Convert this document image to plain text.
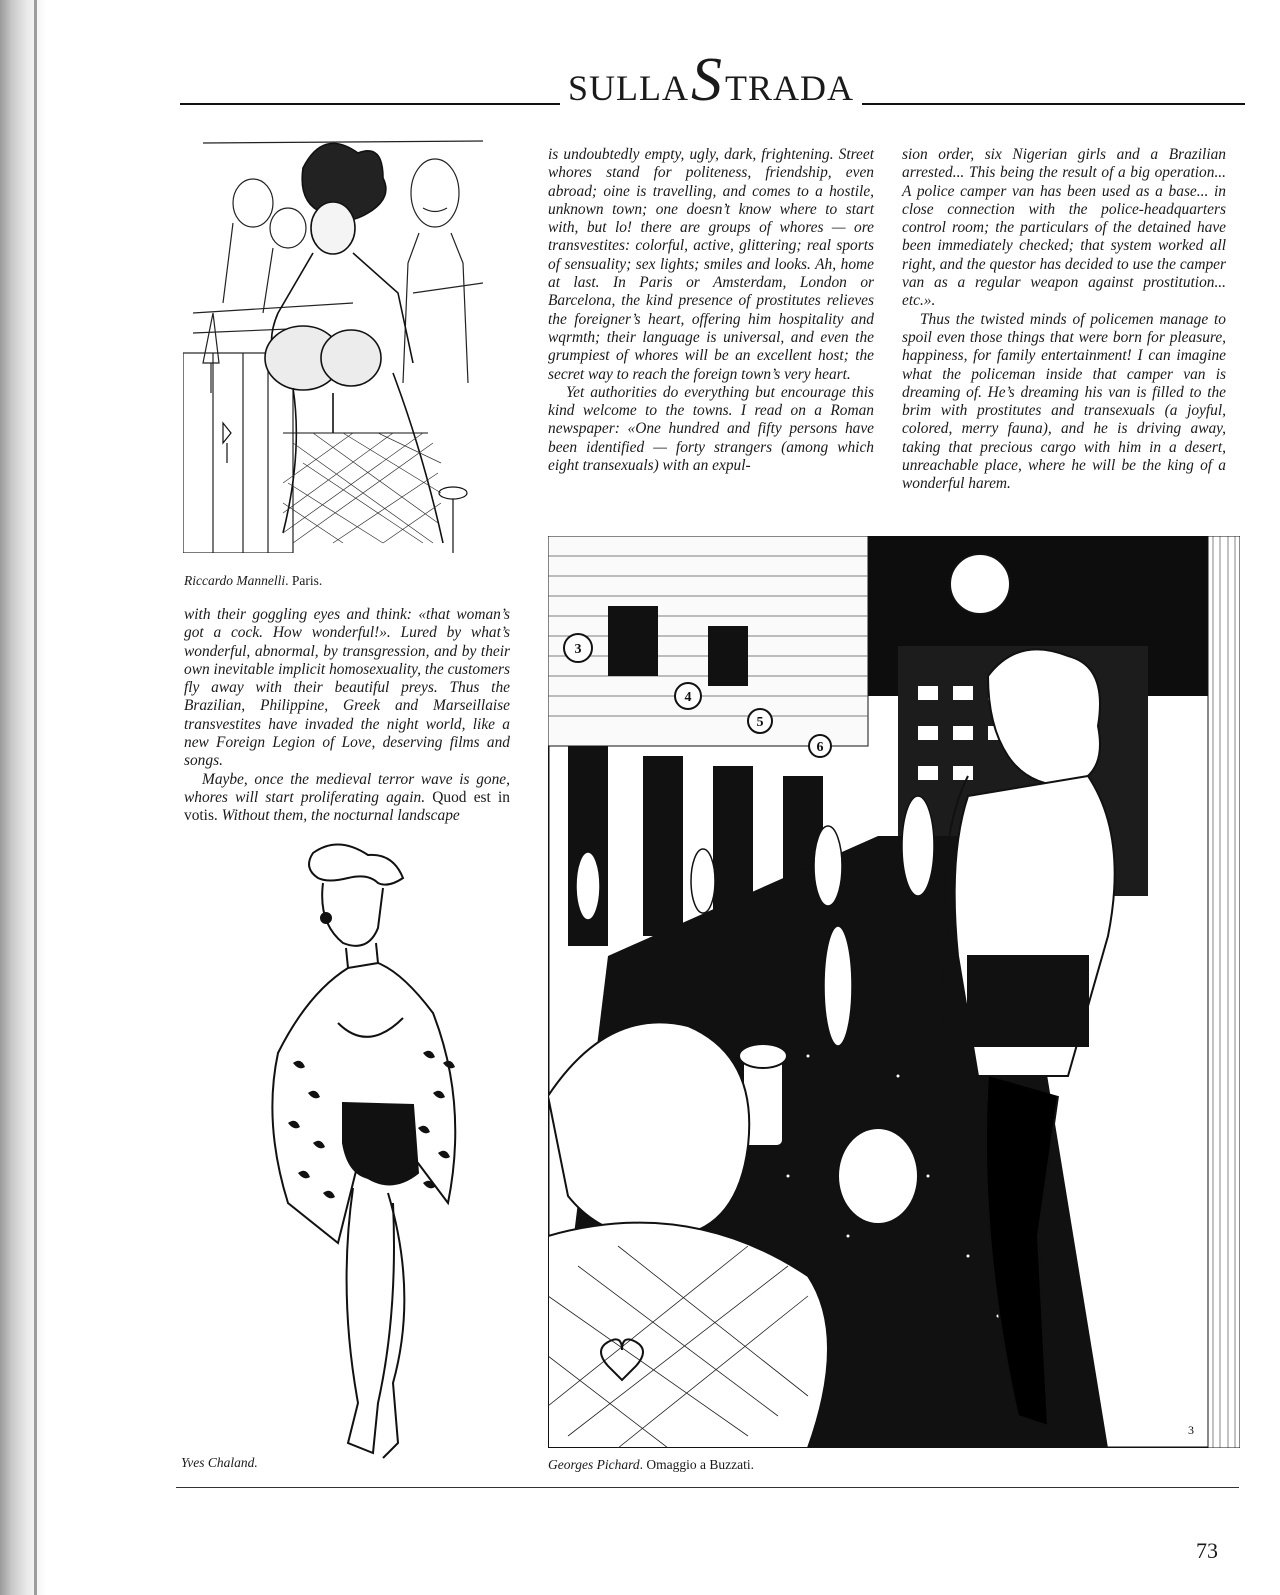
SULLA S TRADA
Riccardo Mannelli. Paris.

is undoubtedly empty, ugly, dark, frightening. Street whores stand for politeness, friendship, even abroad; oine is travelling, and comes to a hostile, unknown town; one doesn’t know where to start with, but lo! there are groups of whores — ore transvestites: colorful, active, glittering; real sports of sensuality; sex lights; smiles and looks. Ah, home at last. In Paris or Amsterdam, London or Barcelona, the kind presence of prostitutes relieves the foreigner’s heart, offering him hospitality and wqrmth; their language is universal, and even the grumpiest of whores will be an excellent host; the secret way to reach the foreign town’s very heart.

Yet authorities do everything but encourage this kind welcome to the towns. I read on a Roman newspaper: «One hundred and fifty persons have been identified — forty strangers (among which eight transexuals) with an expul-

sion order, six Nigerian girls and a Brazilian arrested... This being the result of a big operation... A police camper van has been used as a base... in close connection with the police-headquarters control room; the particulars of the detained have been immediately checked; that system worked all right, and the questor has decided to use the camper van as a regular weapon against prostitution... etc.».

Thus the twisted minds of policemen manage to spoil even those things that were born for pleasure, happiness, for family entertainment! I can imagine what the policeman inside that camper van is dreaming of. He’s dreaming his van is filled to the brim with prostitutes and transexuals (a joyful, colored, merry fauna), and he is driving away, taking that precious cargo with him in a desert, unreachable place, where he will be the king of a wonderful harem.

with their goggling eyes and think: «that woman’s got a cock. How wonderful!». Lured by what’s wonderful, abnormal, by transgression, and by their own inevitable implicit homosexuality, the customers fly away with their beautiful preys. Thus the Brazilian, Philippine, Greek and Marseillaise transvestites have invaded the night world, like a new Foreign Legion of Love, deserving films and songs.

Maybe, once the medieval terror wave is gone, whores will start proliferating again. Quod est in votis. Without them, the nocturnal landscape

Yves Chaland.
3
4
5
6
3
Georges Pichard. Omaggio a Buzzati.
73
